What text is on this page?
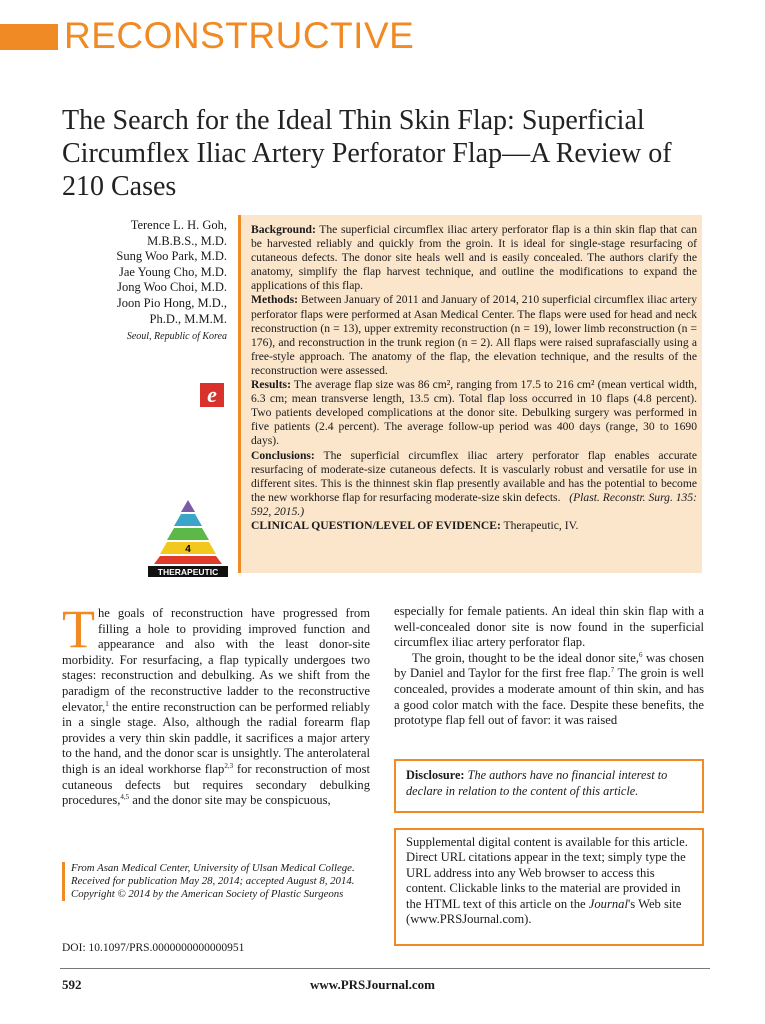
RECONSTRUCTIVE
The Search for the Ideal Thin Skin Flap: Superficial Circumflex Iliac Artery Perforator Flap—A Review of 210 Cases
Terence L. H. Goh,
M.B.B.S., M.D.
Sung Woo Park, M.D.
Jae Young Cho, M.D.
Jong Woo Choi, M.D.
Joon Pio Hong, M.D.,
Ph.D., M.M.M.
Seoul, Republic of Korea
e
4
THERAPEUTIC

Background: The superficial circumflex iliac artery perforator flap is a thin skin flap that can be harvested reliably and quickly from the groin. It is ideal for single-stage resurfacing of cutaneous defects. The donor site heals well and is easily concealed. The authors clarify the anatomy, simplify the flap harvest technique, and outline the modifications to expand the applications of this flap.
Methods: Between January of 2011 and January of 2014, 210 superficial circumflex iliac artery perforator flaps were performed at Asan Medical Center. The flaps were used for head and neck reconstruction (n = 13), upper extremity reconstruction (n = 19), lower limb reconstruction (n = 176), and reconstruction in the trunk region (n = 2). All flaps were raised suprafascially using a free-style approach. The anatomy of the flap, the elevation technique, and the results of the reconstruction were assessed.
Results: The average flap size was 86 cm², ranging from 17.5 to 216 cm² (mean vertical width, 6.3 cm; mean transverse length, 13.5 cm). Total flap loss occurred in 10 flaps (4.8 percent). Two patients developed complications at the donor site. Debulking surgery was performed in five patients (2.4 percent). The average follow-up period was 400 days (range, 30 to 1690 days).
Conclusions: The superficial circumflex iliac artery perforator flap enables accurate resurfacing of moderate-size cutaneous defects. It is vascularly robust and versatile for use in different sites. This is the thinnest skin flap presently available and has the potential to become the new workhorse flap for resurfacing moderate-size skin defects. (Plast. Reconstr. Surg. 135: 592, 2015.)
CLINICAL QUESTION/LEVEL OF EVIDENCE: Therapeutic, IV.

The goals of reconstruction have progressed from filling a hole to providing improved function and appearance and also with the least donor-site morbidity. For resurfacing, a flap typically undergoes two stages: reconstruction and debulking. As we shift from the paradigm of the reconstructive ladder to the reconstructive elevator,$^1$ the entire reconstruction can be performed reliably in a single stage. Also, although the radial forearm flap provides a very thin skin paddle, it sacrifices a major artery to the hand, and the donor scar is unsightly. The anterolateral thigh is an ideal workhorse flap$^{2,3}$ for reconstruction of most cutaneous defects but requires secondary debulking procedures,$^{4,5}$ and the donor site may be conspicuous,

especially for female patients. An ideal thin skin flap with a well-concealed donor site is now found in the superficial circumflex iliac artery perforator flap.

The groin, thought to be the ideal donor site,$^6$ was chosen by Daniel and Taylor for the first free flap.$^7$ The groin is well concealed, provides a moderate amount of thin skin, and has a good color match with the face. Despite these benefits, the prototype flap fell out of favor: it was raised

Disclosure: The authors have no financial interest to declare in relation to the content of this article.
Supplemental digital content is available for this article. Direct URL citations appear in the text; simply type the URL address into any Web browser to access this content. Clickable links to the material are provided in the HTML text of this article on the Journal's Web site (www.PRSJournal.com).

From Asan Medical Center, University of Ulsan Medical College.

Received for publication May 28, 2014; accepted August 8, 2014.

Copyright © 2014 by the American Society of Plastic Surgeons

DOI: 10.1097/PRS.0000000000000951
592	www.PRSJournal.com
